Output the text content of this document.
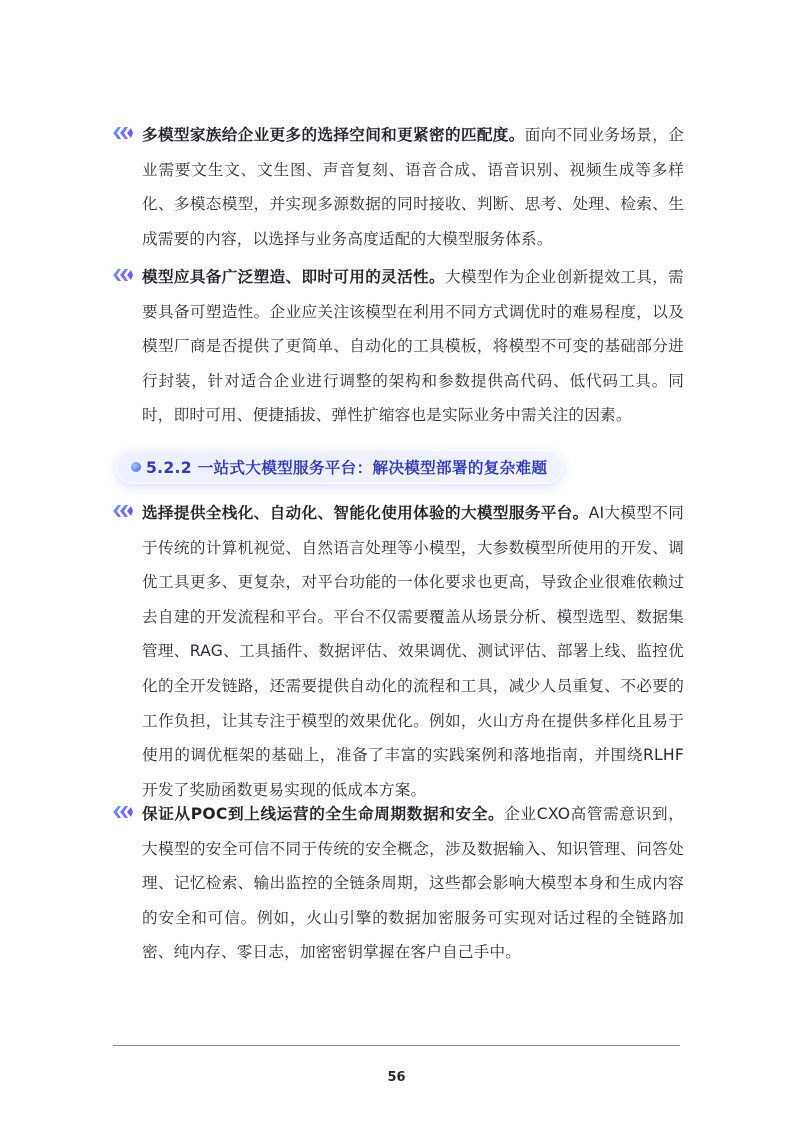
多模型家族给企业更多的选择空间和更紧密的匹配度。面向不同业务场景，企业需要文生文、文生图、声音复刻、语音合成、语音识别、视频生成等多样化、多模态模型，并实现多源数据的同时接收、判断、思考、处理、检索、生成需要的内容，以选择与业务高度适配的大模型服务体系。
模型应具备广泛塑造、即时可用的灵活性。大模型作为企业创新提效工具，需要具备可塑造性。企业应关注该模型在利用不同方式调优时的难易程度，以及模型厂商是否提供了更简单、自动化的工具模板，将模型不可变的基础部分进行封装，针对适合企业进行调整的架构和参数提供高代码、低代码工具。同时，即时可用、便捷插拔、弹性扩缩容也是实际业务中需关注的因素。
5.2.2 一站式大模型服务平台：解决模型部署的复杂难题
选择提供全栈化、自动化、智能化使用体验的大模型服务平台。AI大模型不同于传统的计算机视觉、自然语言处理等小模型，大参数模型所使用的开发、调优工具更多、更复杂，对平台功能的一体化要求也更高，导致企业很难依赖过去自建的开发流程和平台。平台不仅需要覆盖从场景分析、模型选型、数据集管理、RAG、工具插件、数据评估、效果调优、测试评估、部署上线、监控优化的全开发链路，还需要提供自动化的流程和工具，减少人员重复、不必要的工作负担，让其专注于模型的效果优化。例如，火山方舟在提供多样化且易于使用的调优框架的基础上，准备了丰富的实践案例和落地指南，并围绕RLHF开发了奖励函数更易实现的低成本方案。
保证从POC到上线运营的全生命周期数据和安全。企业CXO高管需意识到，大模型的安全可信不同于传统的安全概念，涉及数据输入、知识管理、问答处理、记忆检索、输出监控的全链条周期，这些都会影响大模型本身和生成内容的安全和可信。例如，火山引擎的数据加密服务可实现对话过程的全链路加密、纯内存、零日志，加密密钥掌握在客户自己手中。
56
